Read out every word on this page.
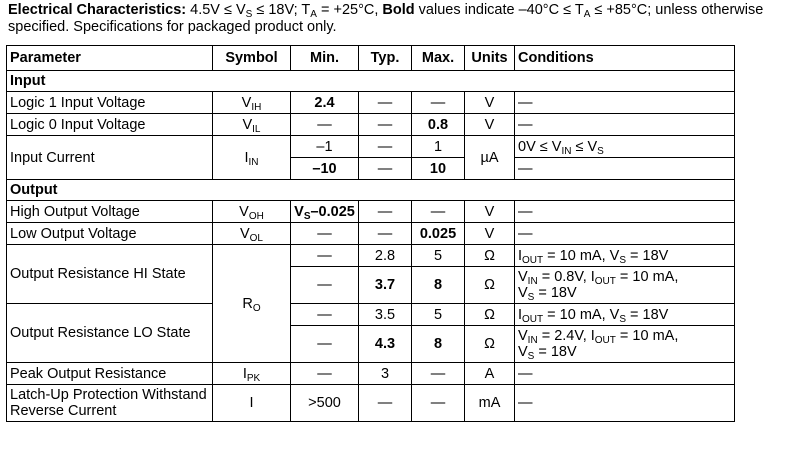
Electrical Characteristics: $4.5V \le V_S \le 18V$; $T_A = +25^\circ C$, Bold values indicate $-40^\circ C \le T_A \le +85^\circ C$; unless otherwise specified. Specifications for packaged product only.
Parameter	Symbol	Min.	Typ.	Max.	Units	Conditions
Input						
Logic 1 Input Voltage	$V_{IH}$	2.4	—	—	V	—
Logic 0 Input Voltage	$V_{IL}$	—	—	0.8	V	—
Input Current	$I_{IN}$	–1	—	1	µA	$0V \le V_{IN} \le V_S$
		–10	—	10		—
Output						
High Output Voltage	$V_{OH}$	$V_S-0.025$	—	—	V	—
Low Output Voltage	$V_{OL}$	—	—	0.025	V	—
Output Resistance HI State	$R_O$	—	2.8	5	Ω	$I_{OUT} = 10$ mA, $V_S = 18V$
		—	3.7	8	Ω	$V_{IN} = 0.8V$, $I_{OUT} = 10$ mA,
$V_S = 18V$
Output Resistance LO State		—	3.5	5	Ω	$I_{OUT} = 10$ mA, $V_S = 18V$
		—	4.3	8	Ω	$V_{IN} = 2.4V$, $I_{OUT} = 10$ mA,
$V_S = 18V$
Peak Output Resistance	$I_{PK}$	—	3	—	A	—
Latch-Up Protection Withstand
Reverse Current	I	>500	—	—	mA	—
